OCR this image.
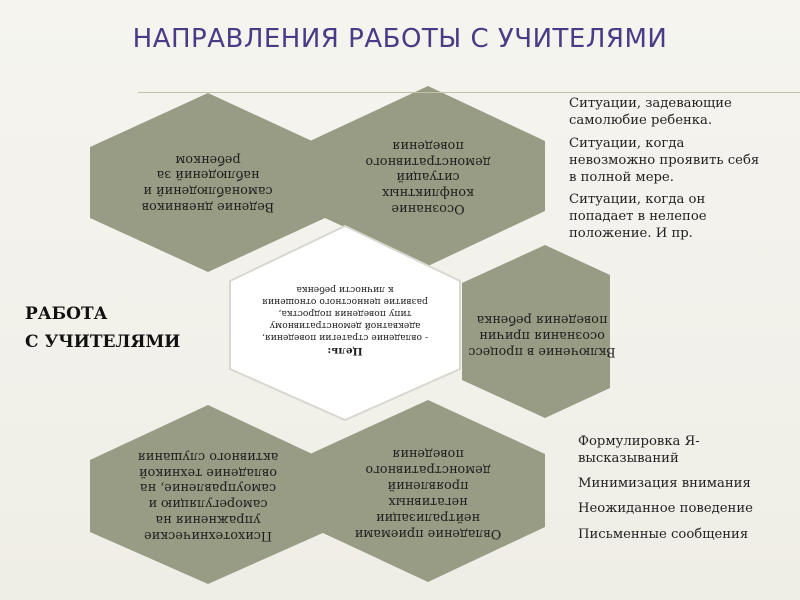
НАПРАВЛЕНИЯ РАБОТЫ С УЧИТЕЛЯМИ
Ведение дневников
самонаблюдений и
наблюдений за
ребенком
Осознание
конфликтных
ситуаций
демонстративного
поведения
Цель:
- овладение стратегии поведения,
адекватной демонстративному
типу поведения подростка,
развитие ценностного отношения
к личности ребенка
Включение в процесс
осознания причин
поведения ребенка
Психотехнические
упражнения на
саморегуляцию и
самоуправление, на
овладение техникой
активного слушания
Овладение приемами
нейтрализации
негативных
проявлений
демонстративного
поведения

Ситуации, задевающие самолюбие ребенка.

Ситуации, когда невозможно проявить себя в полной мере.

Ситуации, когда он попадает в нелепое положение. И пр.

Формулировка Я-высказываний

Минимизация внимания

Неожиданное поведение

Письменные сообщения

РАБОТА
С УЧИТЕЛЯМИ
